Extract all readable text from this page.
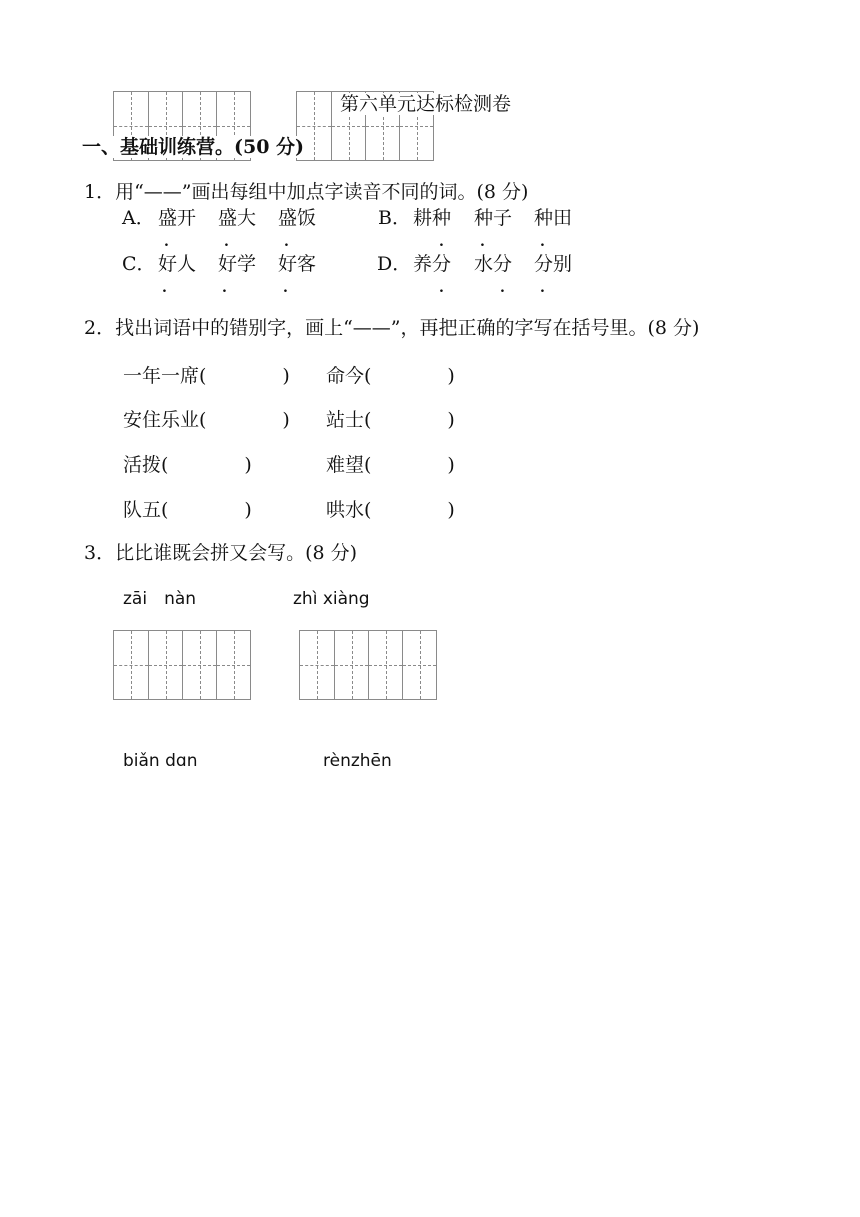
第六单元达标检测卷
一、基础训练营。(50 分)
1．用“——”画出每组中加点字读音不同的词。(8 分)
A． 盛开 盛大 盛饭	B． 耕种 种子 种田
.	.	.	.	.	.
C． 好人 好学 好客	D． 养分 水分 分别
.	.	.	.	.	.
2．找出词语中的错别字，画上“——”，再把正确的字写在括号里。(8 分)
一年一席(　　　　) 命今(　　　　)
安住乐业(　　　　) 站士(　　　　)
活拨(　　　　)	难望(　　　　)
队五(　　　　)	哄水(　　　　)
3．比比谁既会拼又会写。(8 分)
zāi　nàn	zhì xiàng
biǎn dɑn	rènzhēn
